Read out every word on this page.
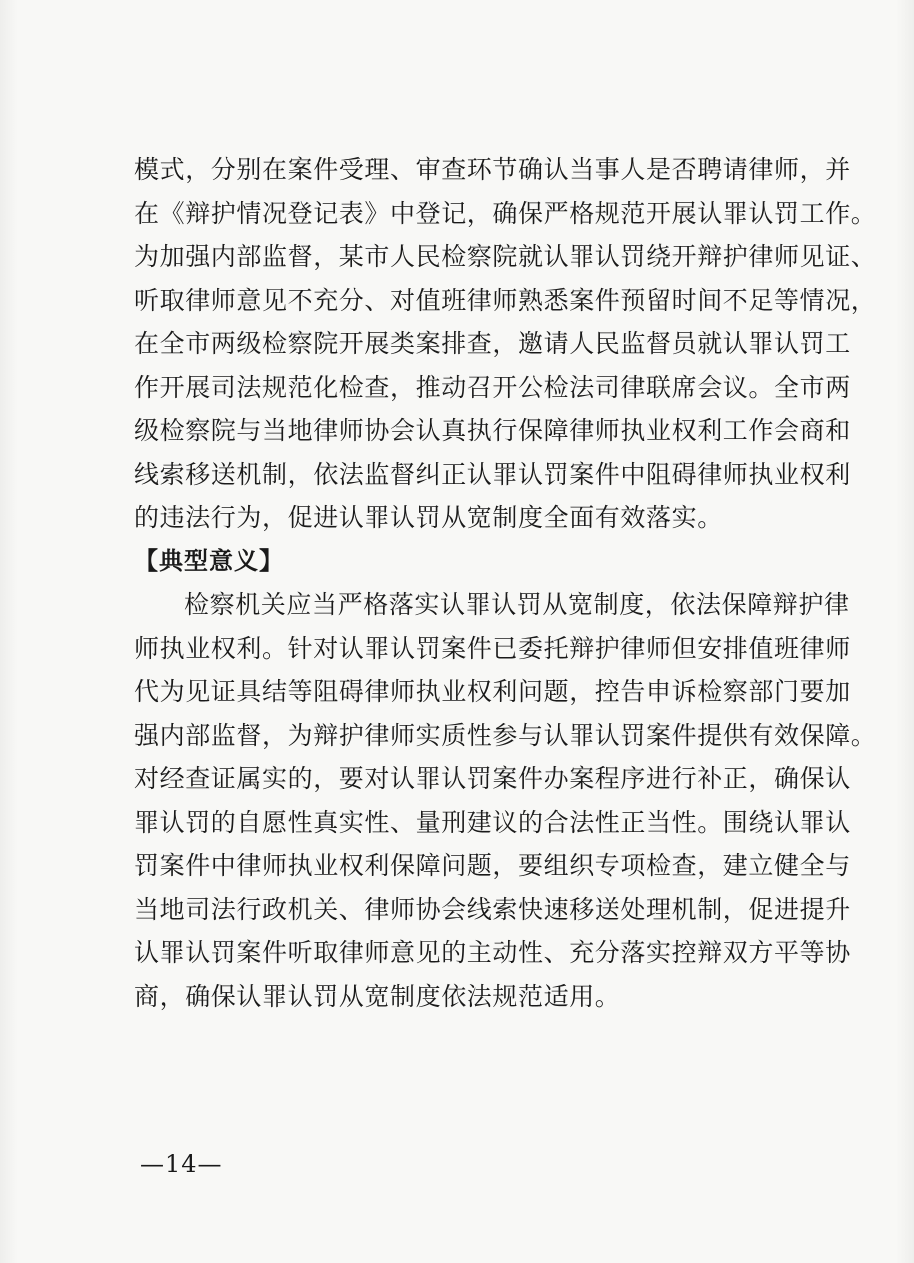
模式，分别在案件受理、审查环节确认当事人是否聘请律师，并
在《辩护情况登记表》中登记，确保严格规范开展认罪认罚工作。
为加强内部监督，某市人民检察院就认罪认罚绕开辩护律师见证、
听取律师意见不充分、对值班律师熟悉案件预留时间不足等情况，
在全市两级检察院开展类案排查，邀请人民监督员就认罪认罚工
作开展司法规范化检查，推动召开公检法司律联席会议。全市两
级检察院与当地律师协会认真执行保障律师执业权利工作会商和
线索移送机制，依法监督纠正认罪认罚案件中阻碍律师执业权利
的违法行为，促进认罪认罚从宽制度全面有效落实。
【典型意义】
检察机关应当严格落实认罪认罚从宽制度，依法保障辩护律
师执业权利。针对认罪认罚案件已委托辩护律师但安排值班律师
代为见证具结等阻碍律师执业权利问题，控告申诉检察部门要加
强内部监督，为辩护律师实质性参与认罪认罚案件提供有效保障。
对经查证属实的，要对认罪认罚案件办案程序进行补正，确保认
罪认罚的自愿性真实性、量刑建议的合法性正当性。围绕认罪认
罚案件中律师执业权利保障问题，要组织专项检查，建立健全与
当地司法行政机关、律师协会线索快速移送处理机制，促进提升
认罪认罚案件听取律师意见的主动性、充分落实控辩双方平等协
商，确保认罪认罚从宽制度依法规范适用。
—14—
